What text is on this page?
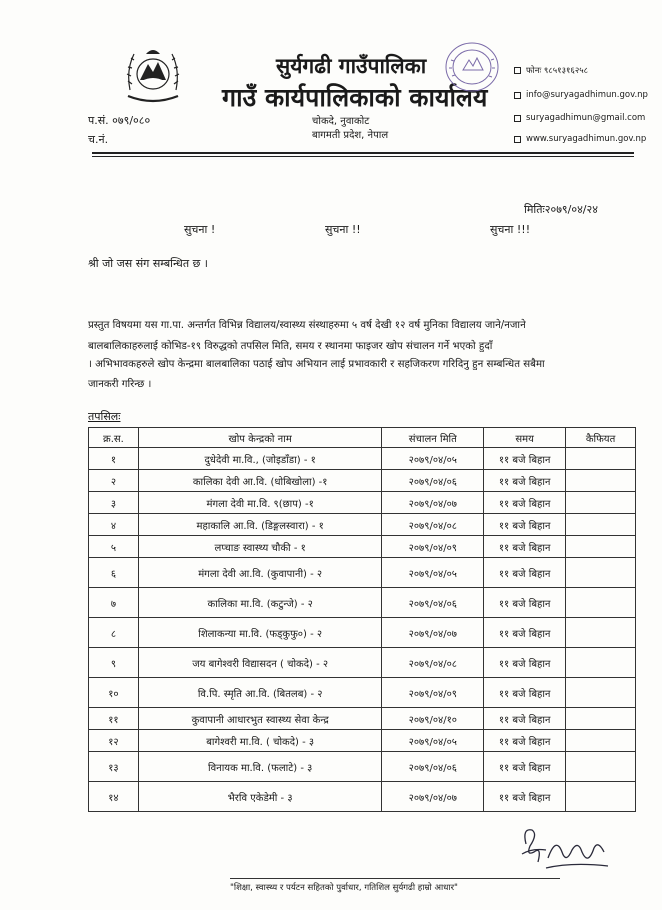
सुर्यगढी गाउँपालिका
गाउँ कार्यपालिकाको कार्यालय
चोकदे, नुवाकोट
बागमती प्रदेश, नेपाल
प.सं. ०७९/०८०
च.नं.
फोनः ९८५१३१६२५८
info@suryagadhimun.gov.np
suryagadhimun@gmail.com
www.suryagadhimun.gov.np
मितिः२०७९/०४/२४
सुचना !	सुचना !!	सुचना !!!
श्री जो जस संग सम्बन्धित छ ।
प्रस्तुत विषयमा यस गा.पा. अन्तर्गत विभिन्न विद्यालय/स्वास्थ्य संस्थाहरुमा ५ वर्ष देखी १२ वर्ष मुनिका विद्यालय जाने/नजाने
बालबालिकाहरुलाई कोभिड-१९ विरुद्धको तपसिल मिति, समय र स्थानमा फाइजर खोप संचालन गर्ने भएको हुदाँ
। अभिभावकहरुले खोप केन्द्रमा बालबालिका पठाई खोप अभियान लाई प्रभावकारी र सहजिकरण गरिदिनु हुन सम्बन्धित सबैमा
जानकरी गरिन्छ ।
तपसिलः
क्र.स.	खोप केन्द्रको नाम	संचालन मिति	समय	कैफियत
१	दुधेदेवी मा.वि., (जोइडाँडा) - १	२०७९/०४/०५	११ बजे बिहान	
२	कालिका देवी आ.वि. (धोबिखोला) -१	२०७९/०४/०६	११ बजे बिहान	
३	मंगला देवी मा.वि. ९(छाप) -१	२०७९/०४/०७	११ बजे बिहान	
४	महाकालि आ.वि. (डिङ्गलस्वारा) - १	२०७९/०४/०८	११ बजे बिहान	
५	लप्चाङ स्वास्थ्य चौकी - १	२०७९/०४/०९	११ बजे बिहान	
६	मंगला देवी आ.वि. (कुवापानी) - २	२०७९/०४/०५	११ बजे बिहान	
७	कालिका मा.वि. (कटुन्जे) - २	२०७९/०४/०६	११ बजे बिहान	
८	शिलाकन्या मा.वि. (फड्कुफु०) - २	२०७९/०४/०७	११ बजे बिहान	
९	जय बागेश्वरी विद्यासदन ( चोकदे) - २	२०७९/०४/०८	११ बजे बिहान	
१०	वि.पि. स्मृति आ.वि. (बितलब) - २	२०७९/०४/०९	११ बजे बिहान	
११	कुवापानी आधारभुत स्वास्थ्य सेवा केन्द्र	२०७९/०४/१०	११ बजे बिहान	
१२	बागेश्वरी मा.वि. ( चोकदे) - ३	२०७९/०४/०५	११ बजे बिहान	
१३	विनायक मा.वि. (फलाटे) - ३	२०७९/०४/०६	११ बजे बिहान	
१४	भैरवि एकेडेमी - ३	२०७९/०४/०७	११ बजे बिहान	
"शिक्षा, स्वास्थ्य र पर्यटन सहितको पुर्वाधार, गतिशिल सुर्यगढी हाम्रो आधार"
